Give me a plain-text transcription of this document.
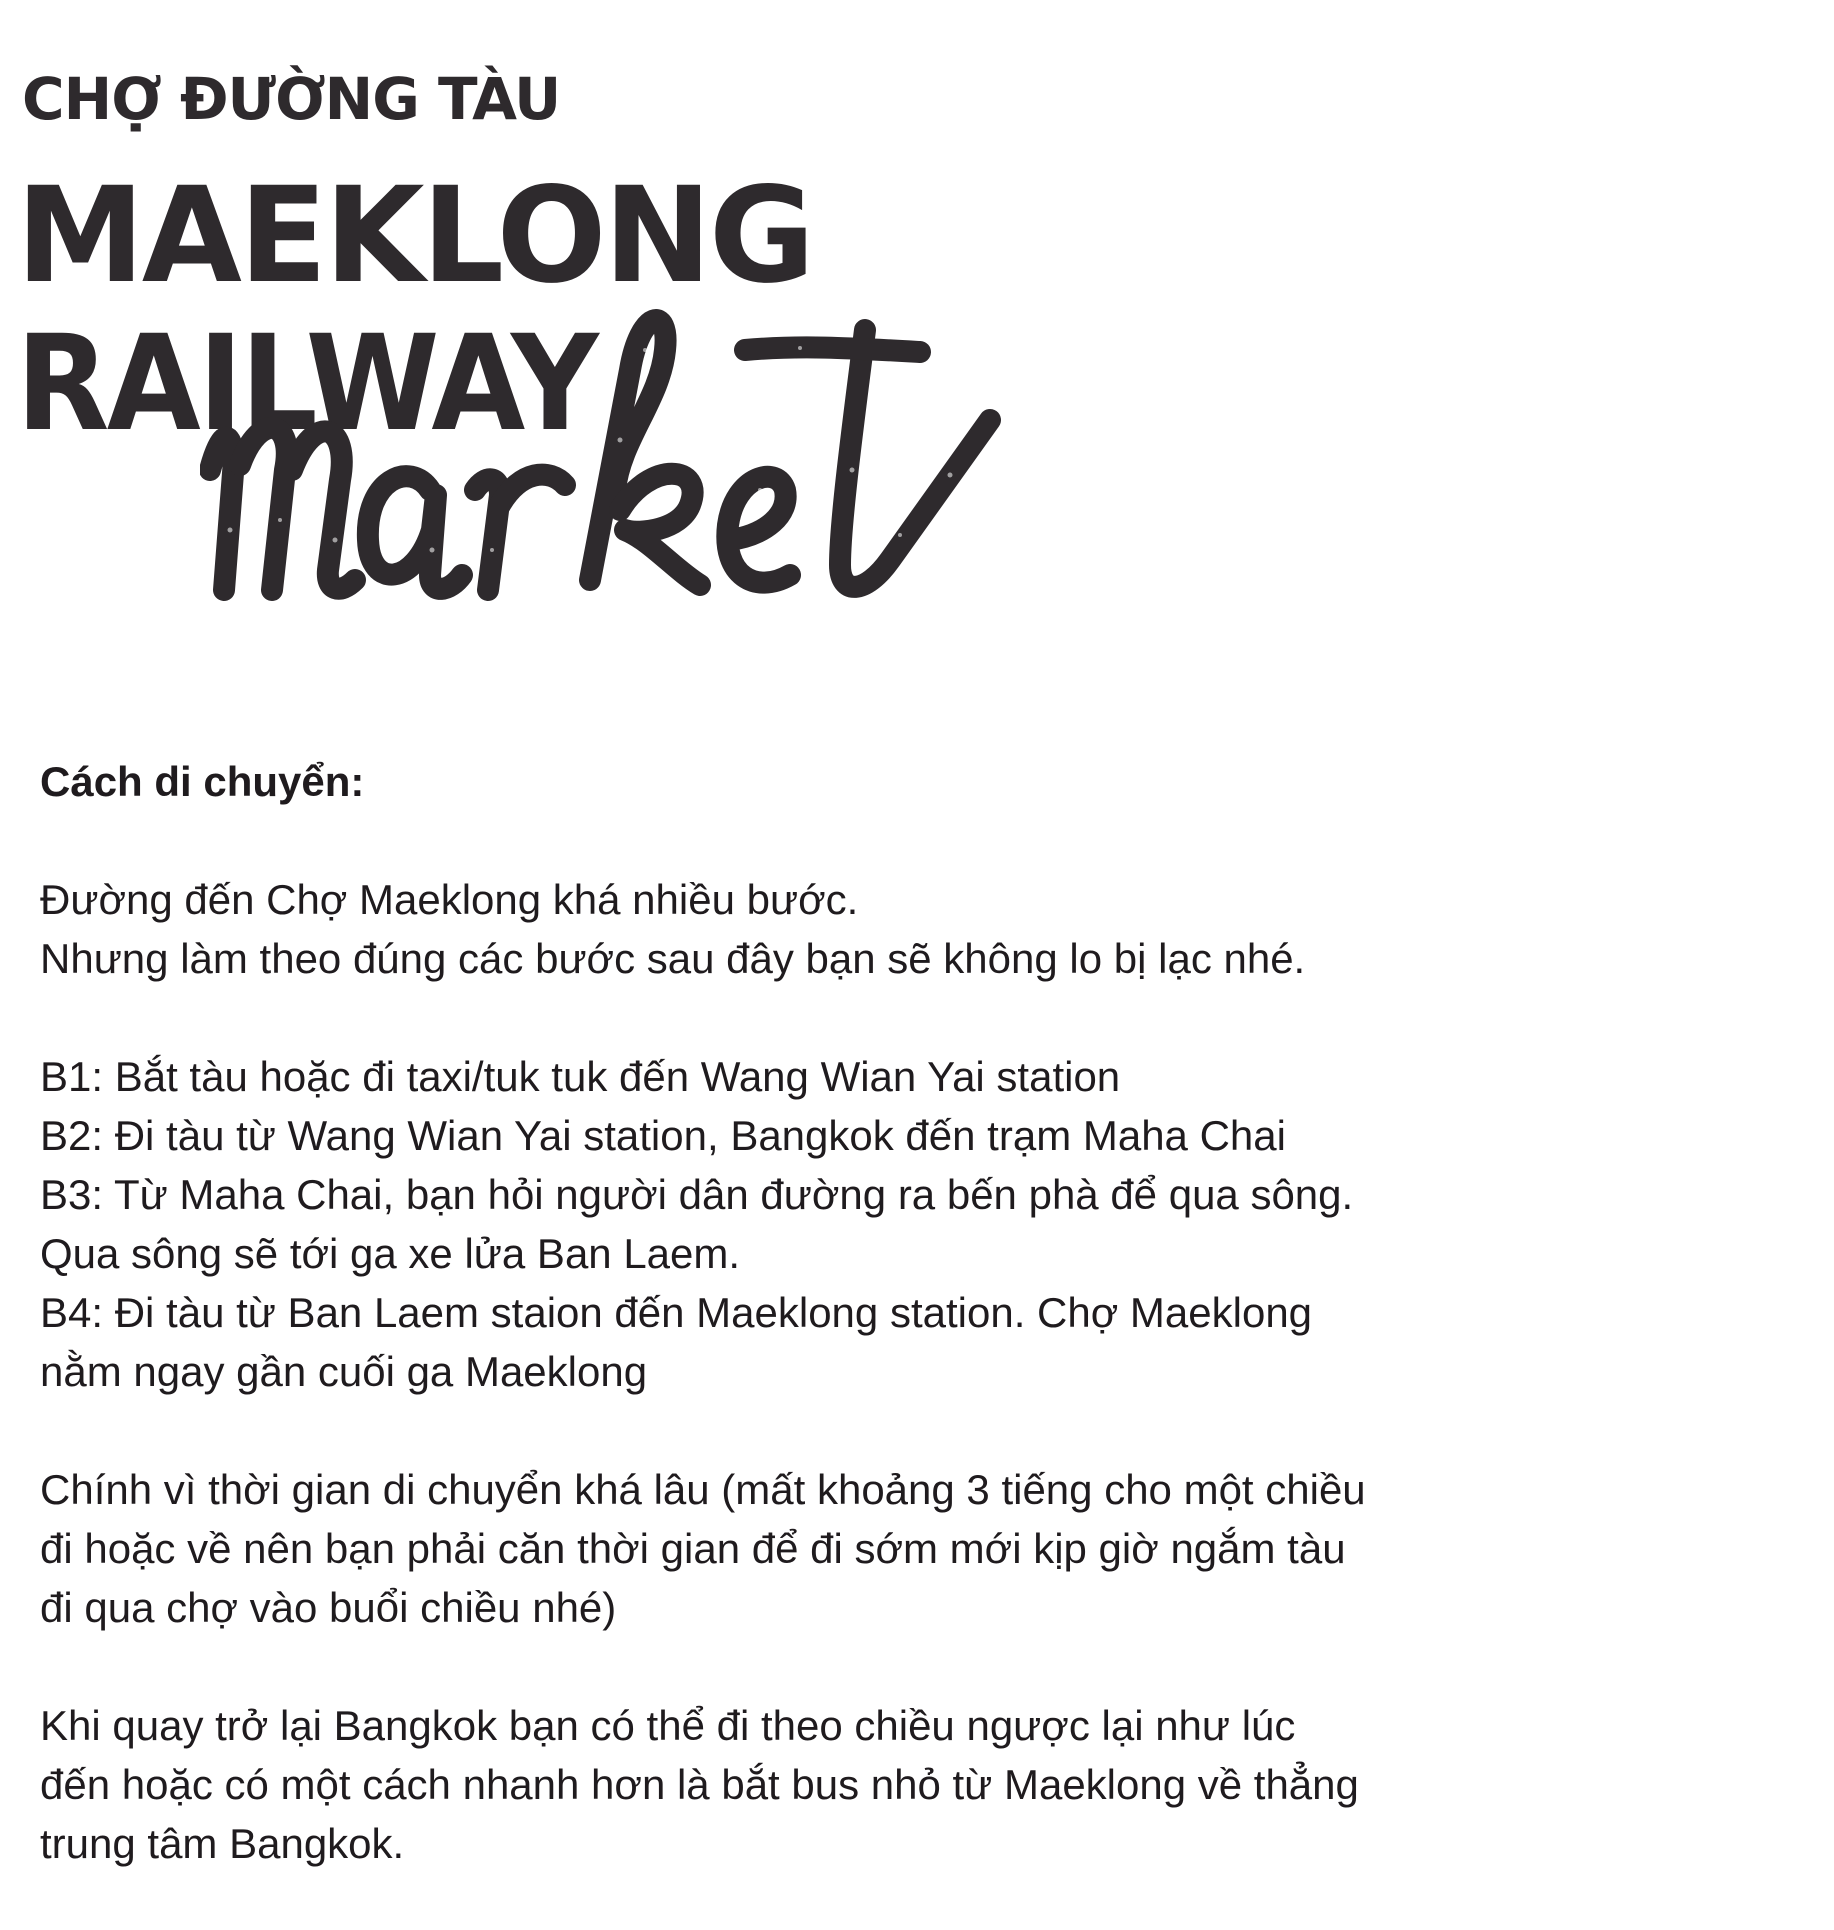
CHỢ ĐƯỜNG TÀU
MAEKLONG
RAILWAY

Cách di chuyển:

Đường đến Chợ Maeklong khá nhiều bước.

Nhưng làm theo đúng các bước sau đây bạn sẽ không lo bị lạc nhé.

B1: Bắt tàu hoặc đi taxi/tuk tuk đến Wang Wian Yai station

B2: Đi tàu từ Wang Wian Yai station, Bangkok đến trạm Maha Chai

B3: Từ Maha Chai, bạn hỏi người dân đường ra bến phà để qua sông.

Qua sông sẽ tới ga xe lửa Ban Laem.

B4: Đi tàu từ Ban Laem staion đến Maeklong station. Chợ Maeklong

nằm ngay gần cuối ga Maeklong

Chính vì thời gian di chuyển khá lâu (mất khoảng 3 tiếng cho một chiều

đi hoặc về nên bạn phải căn thời gian để đi sớm mới kịp giờ ngắm tàu

đi qua chợ vào buổi chiều nhé)

Khi quay trở lại Bangkok bạn có thể đi theo chiều ngược lại như lúc

đến hoặc có một cách nhanh hơn là bắt bus nhỏ từ Maeklong về thẳng

trung tâm Bangkok.
